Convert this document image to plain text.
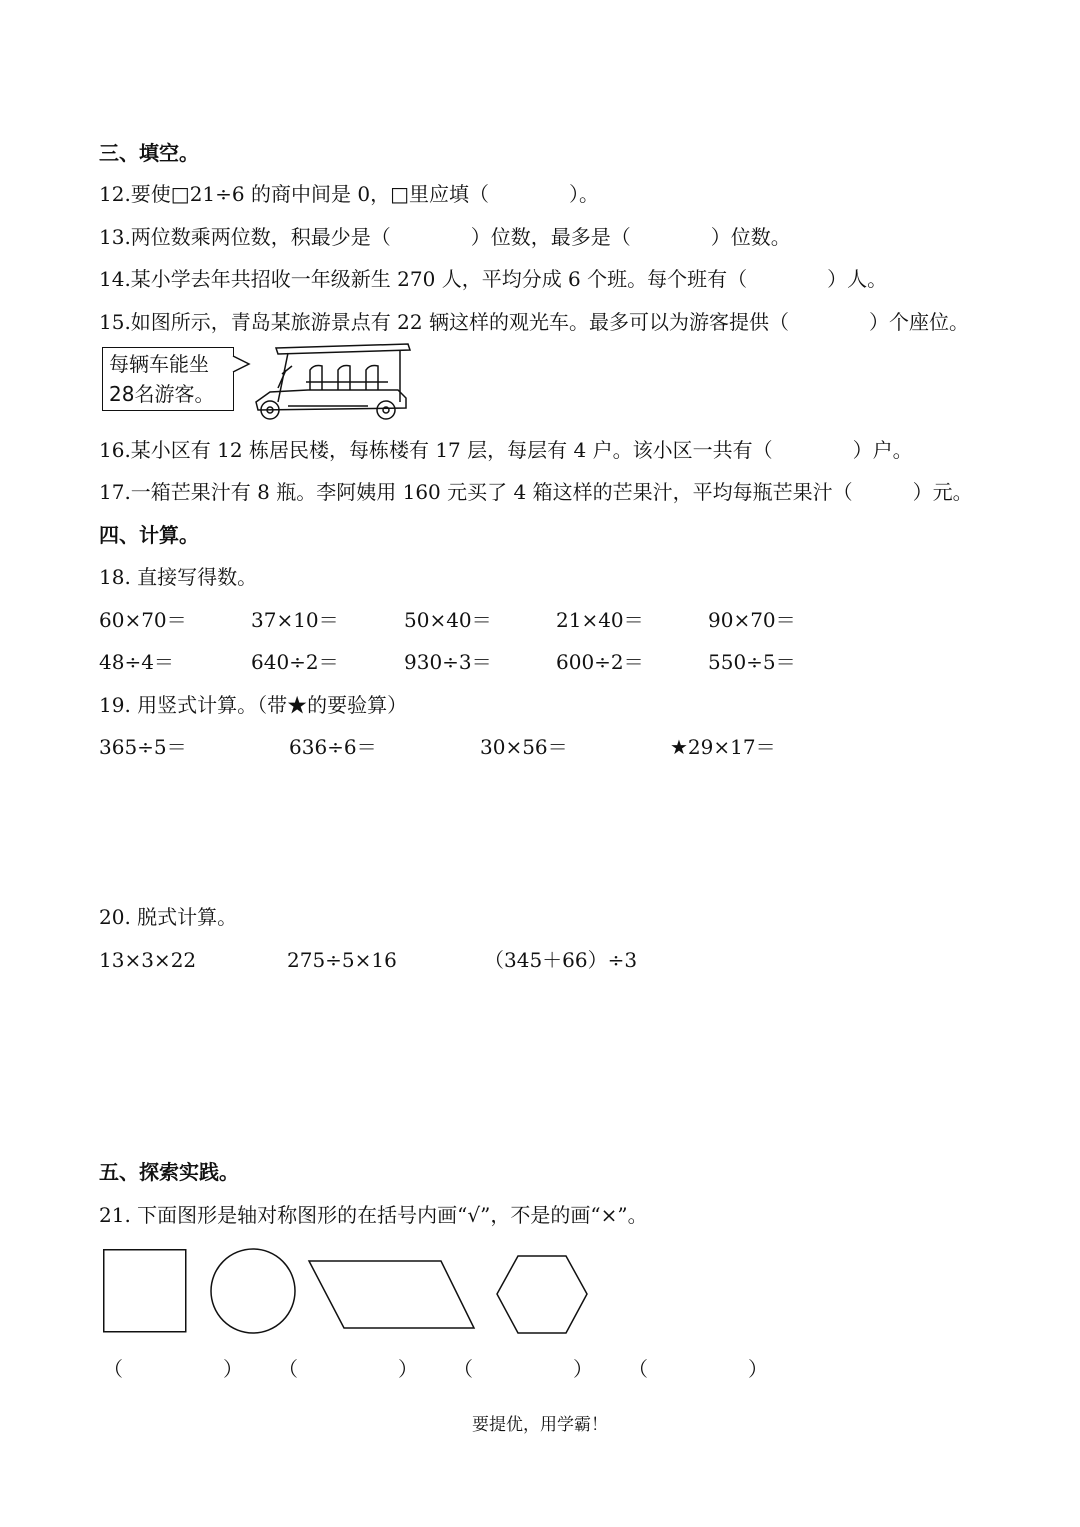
三、填空。
12.要使□21÷6 的商中间是 0，□里应填（　　　　）。
13.两位数乘两位数，积最少是（　　　　）位数，最多是（　　　　）位数。
14.某小学去年共招收一年级新生 270 人，平均分成 6 个班。每个班有（　　　　）人。
15.如图所示，青岛某旅游景点有 22 辆这样的观光车。最多可以为游客提供（　　　　）个座位。
每辆车能坐
28名游客。
16.某小区有 12 栋居民楼，每栋楼有 17 层，每层有 4 户。该小区一共有（　　　　）户。
17.一箱芒果汁有 8 瓶。李阿姨用 160 元买了 4 箱这样的芒果汁，平均每瓶芒果汁（　　　）元。
四、计算。
18. 直接写得数。
60×70＝	37×10＝	50×40＝	21×40＝	90×70＝
48÷4＝	640÷2＝	930÷3＝	600÷2＝	550÷5＝
19. 用竖式计算。（带★的要验算）
365÷5＝	636÷6＝	30×56＝	★29×17＝
20. 脱式计算。
13×3×22	275÷5×16	（345＋66）÷3
五、探索实践。
21. 下面图形是轴对称图形的在括号内画“√”，不是的画“×”。
（　　　　　） （　　　　　） （　　　　　） （　　　　　）
要提优，用学霸！
